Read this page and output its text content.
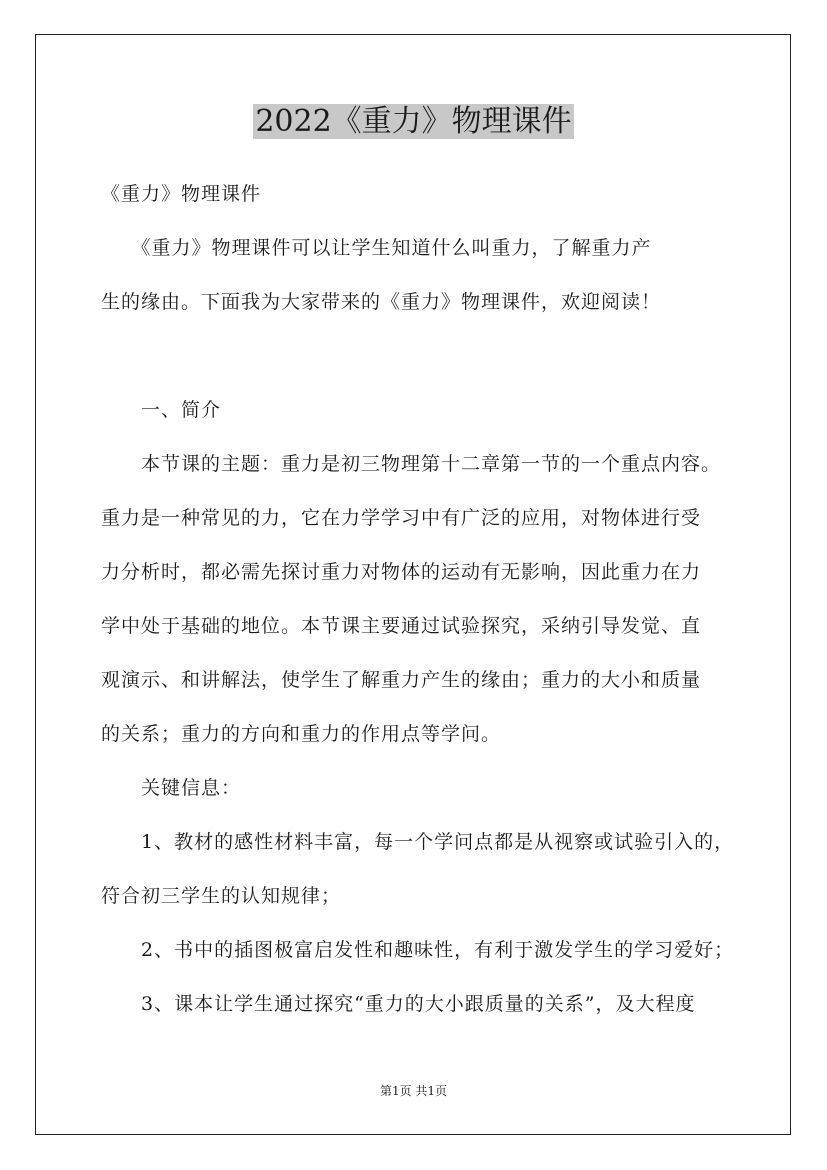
2022《重力》物理课件
《重力》物理课件
　　《重力》物理课件可以让学生知道什么叫重力，了解重力产
生的缘由。下面我为大家带来的《重力》物理课件，欢迎阅读！
　　一、简介
　　本节课的主题：重力是初三物理第十二章第一节的一个重点内容。
重力是一种常见的力，它在力学学习中有广泛的应用，对物体进行受
力分析时，都必需先探讨重力对物体的运动有无影响，因此重力在力
学中处于基础的地位。本节课主要通过试验探究，采纳引导发觉、直
观演示、和讲解法，使学生了解重力产生的缘由；重力的大小和质量
的关系；重力的方向和重力的作用点等学问。
　　关键信息：
　　1、教材的感性材料丰富，每一个学问点都是从视察或试验引入的，
符合初三学生的认知规律；
　　2、书中的插图极富启发性和趣味性，有利于激发学生的学习爱好；
　　3、课本让学生通过探究“重力的大小跟质量的关系”，及大程度
第1页 共1页
